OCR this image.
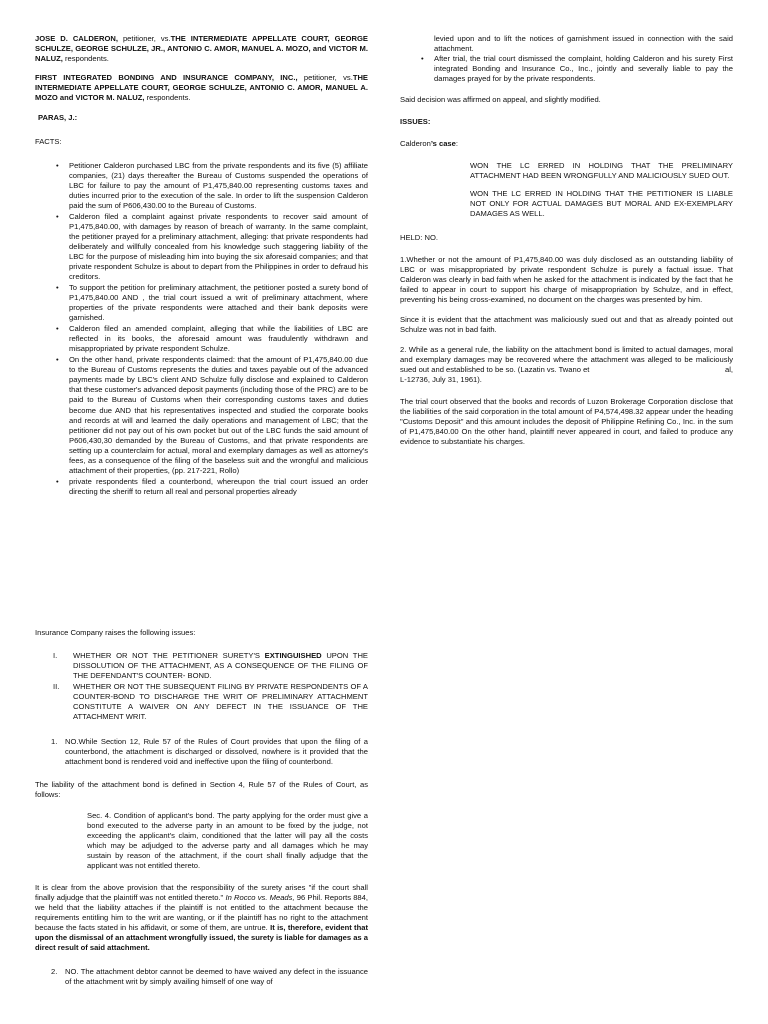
JOSE D. CALDERON, petitioner, vs.THE INTERMEDIATE APPELLATE COURT, GEORGE SCHULZE, GEORGE SCHULZE, JR., ANTONIO C. AMOR, MANUEL A. MOZO, and VICTOR M. NALUZ, respondents.

FIRST INTEGRATED BONDING AND INSURANCE COMPANY, INC., petitioner, vs.THE INTERMEDIATE APPELLATE COURT, GEORGE SCHULZE, ANTONIO C. AMOR, MANUEL A. MOZO and VICTOR M. NALUZ, respondents.

PARAS, J.:

FACTS:

• Petitioner Calderon purchased LBC from the private respondents and its five (5) affiliate companies, (21) days thereafter the Bureau of Customs suspended the operations of LBC for failure to pay the amount of P1,475,840.00 representing customs taxes and duties incurred prior to the execution of the sale. In order to lift the suspension Calderon paid the sum of P606,430.00 to the Bureau of Customs.
• Calderon filed a complaint against private respondents to recover said amount of P1,475,840.00, with damages by reason of breach of warranty. In the same complaint, the petitioner prayed for a preliminary attachment, alleging: that private respondents had deliberately and willfully concealed from his knowledge such staggering liability of the LBC for the purpose of misleading him into buying the six aforesaid companies; and that private respondent Schulze is about to depart from the Philippines in order to defraud his creditors.
• To support the petition for preliminary attachment, the petitioner posted a surety bond of P1,475,840.00 AND , the trial court issued a writ of preliminary attachment, where properties of the private respondents were attached and their bank deposits were garnished.
• Calderon filed an amended complaint, alleging that while the liabilities of LBC are reflected in its books, the aforesaid amount was fraudulently withdrawn and misappropriated by private respondent Schulze.
• On the other hand, private respondents claimed: that the amount of P1,475,840.00 due to the Bureau of Customs represents the duties and taxes payable out of the advanced payments made by LBC's client AND Schulze fully disclose and explained to Calderon that these customer's advanced deposit payments (including those of the PRC) are to be paid to the Bureau of Customs when their corresponding customs taxes and duties become due AND that his representatives inspected and studied the corporate books and records at will and learned the daily operations and management of LBC; that the petitioner did not pay out of his own pocket but out of the LBC funds the said amount of P606,430,30 demanded by the Bureau of Customs, and that private respondents are setting up a counterclaim for actual, moral and exemplary damages as well as attorney's fees, as a consequence of the filing of the baseless suit and the wrongful and malicious attachment of their properties, (pp. 217-221, Rollo)
• private respondents filed a counterbond, whereupon the trial court issued an order directing the sheriff to return all real and personal properties already

levied upon and to lift the notices of garnishment issued in connection with the said attachment.

• After trial, the trial court dismissed the complaint, holding Calderon and his surety First integrated Bonding and Insurance Co., Inc., jointly and severally liable to pay the damages prayed for by the private respondents.

Said decision was affirmed on appeal, and slightly modified.

ISSUES:

Calderon’s case:

WON THE LC ERRED IN HOLDING THAT THE PRELIMINARY ATTACHMENT HAD BEEN WRONGFULLY AND MALICIOUSLY SUED OUT.

WON THE LC ERRED IN HOLDING THAT THE PETITIONER IS LIABLE NOT ONLY FOR ACTUAL DAMAGES BUT MORAL AND EX-EXEMPLARY DAMAGES AS WELL.

HELD: NO.

1.Whether or not the amount of P1,475,840.00 was duly disclosed as an outstanding liability of LBC or was misappropriated by private respondent Schulze is purely a factual issue. That Calderon was clearly in bad faith when he asked for the attachment is indicated by the fact that he failed to appear in court to support his charge of misappropriation by Schulze, and in effect, preventing his being cross-examined, no document on the charges was presented by him.

Since it is evident that the attachment was maliciously sued out and that as already pointed out Schulze was not in bad faith.

2. While as a general rule, the liability on the attachment bond is limited to actual damages, moral and exemplary damages may be recovered where the attachment was alleged to be maliciously sued out and established to be so. (Lazatin vs. Twano et	al,

L-12736, July 31, 1961).

The trial court observed that the books and records of Luzon Brokerage Corporation disclose that the liabilities of the said corporation in the total amount of P4,574,498.32 appear under the heading "Customs Deposit" and this amount includes the deposit of Philippine Refining Co., Inc. in the sum of P1,475,840.00 On the other hand, plaintiff never appeared in court, and failed to produce any evidence to substantiate his charges.

Insurance Company raises the following issues:

I.	WHETHER OR NOT THE PETITIONER SURETY'S EXTINGUISHED UPON THE DISSOLUTION OF THE ATTACHMENT, AS A CONSEQUENCE OF THE FILING OF THE DEFENDANT'S COUNTER- BOND.
II.	WHETHER OR NOT THE SUBSEQUENT FILING BY PRIVATE RESPONDENTS OF A COUNTER-BOND TO DISCHARGE THE WRIT OF PRELIMINARY ATTACHMENT CONSTITUTE A WAIVER ON ANY DEFECT IN THE ISSUANCE OF THE ATTACHMENT WRIT.
1.	NO.While Section 12, Rule 57 of the Rules of Court provides that upon the filing of a counterbond, the attachment is discharged or dissolved, nowhere is it provided that the attachment bond is rendered void and ineffective upon the filing of counterbond.

The liability of the attachment bond is defined in Section 4, Rule 57 of the Rules of Court, as follows:

Sec. 4. Condition of applicant's bond. The party applying for the order must give a bond executed to the adverse party in an amount to be fixed by the judge, not exceeding the applicant's claim, conditioned that the latter will pay all the costs which may be adjudged to the adverse party and all damages which he may sustain by reason of the attachment, if the court shall finally adjudge that the applicant was not entitled thereto.

It is clear from the above provision that the responsibility of the surety arises "if the court shall finally adjudge that the plaintiff was not entitled thereto." In Rocco vs. Meads, 96 Phil. Reports 884, we held that the liability attaches if the plaintiff is not entitled to the attachment because the requirements entitling him to the writ are wanting, or if the plaintiff has no right to the attachment because the facts stated in his affidavit, or some of them, are untrue. It is, therefore, evident that upon the dismissal of an attachment wrongfully issued, the surety is liable for damages as a direct result of said attachment.

2.	NO. The attachment debtor cannot be deemed to have waived any defect in the issuance of the attachment writ by simply availing himself of one way of
